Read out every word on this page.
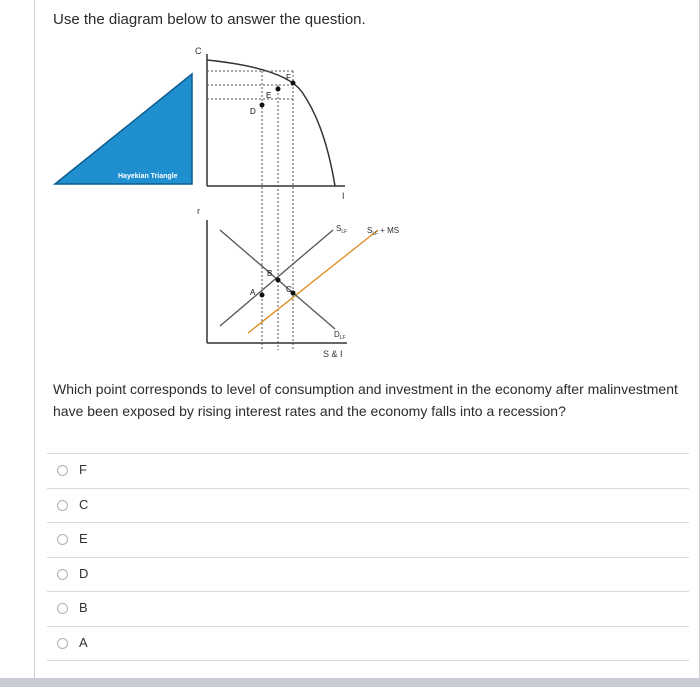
Use the diagram below to answer the question.
Hayekian Triangle
C
I
F
E
D
r
S & I
$S_{LF}$ $S_{LF}$ + MS
$D_{LF}$
A
B
C
Which point corresponds to level of consumption and investment in the economy after malinvestment have been exposed by rising interest rates and the economy falls into a recession?
F
C
E
D
B
A
